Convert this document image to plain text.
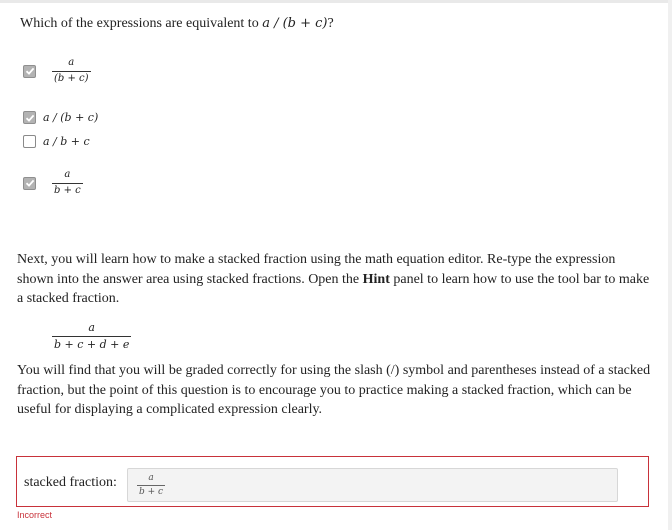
Which of the expressions are equivalent to a / (b + c)?
$\frac{a}{(b + c)}$
a / (b + c)
a / b + c
$\frac{a}{b + c}$
Next, you will learn how to make a stacked fraction using the math equation editor. Re-type the expression shown into the answer area using stacked fractions. Open the Hint panel to learn how to use the tool bar to make a stacked fraction.
$\frac{a}{b + c + d + e}$
You will find that you will be graded correctly for using the slash (/) symbol and parentheses instead of a stacked fraction, but the point of this question is to encourage you to practice making a stacked fraction, which can be useful for displaying a complicated expression clearly.
stacked fraction:	a
b + c
Incorrect
